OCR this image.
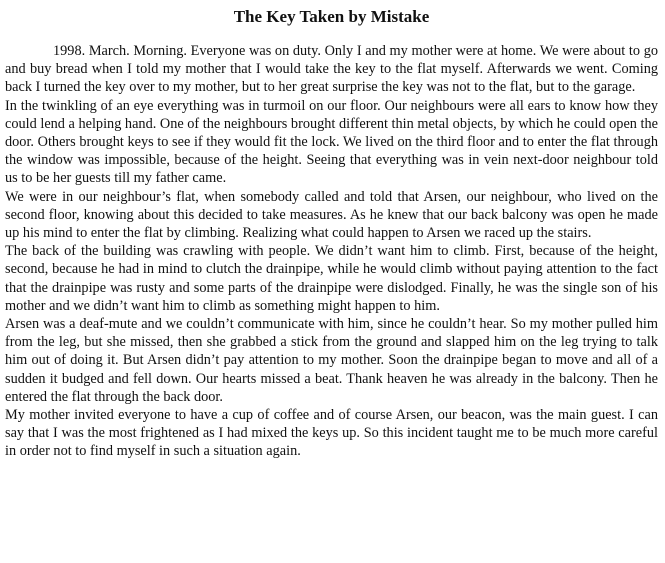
The Key Taken by Mistake

1998. March. Morning. Everyone was on duty. Only I and my mother were at home. We were about to go and buy bread when I told my mother that I would take the key to the flat myself. Afterwards we went. Coming back I turned the key over to my mother, but to her great surprise the key was not to the flat, but to the garage.

In the twinkling of an eye everything was in turmoil on our floor. Our neighbours were all ears to know how they could lend a helping hand. One of the neighbours brought different thin metal objects, by which he could open the door. Others brought keys to see if they would fit the lock. We lived on the third floor and to enter the flat through the window was impossible, because of the height. Seeing that everything was in vein next-door neighbour told us to be her guests till my father came.

We were in our neighbour’s flat, when somebody called and told that Arsen, our neighbour, who lived on the second floor, knowing about this decided to take measures. As he knew that our back balcony was open he made up his mind to enter the flat by climbing. Realizing what could happen to Arsen we raced up the stairs.

The back of the building was crawling with people. We didn’t want him to climb. First, because of the height, second, because he had in mind to clutch the drainpipe, while he would climb without paying attention to the fact that the drainpipe was rusty and some parts of the drainpipe were dislodged. Finally, he was the single son of his mother and we didn’t want him to climb as something might happen to him.

Arsen was a deaf-mute and we couldn’t communicate with him, since he couldn’t hear. So my mother pulled him from the leg, but she missed, then she grabbed a stick from the ground and slapped him on the leg trying to talk him out of doing it. But Arsen didn’t pay attention to my mother. Soon the drainpipe began to move and all of a sudden it budged and fell down. Our hearts missed a beat. Thank heaven he was already in the balcony. Then he entered the flat through the back door.

My mother invited everyone to have a cup of coffee and of course Arsen, our beacon, was the main guest. I can say that I was the most frightened as I had mixed the keys up. So this incident taught me to be much more careful in order not to find myself in such a situation again.
